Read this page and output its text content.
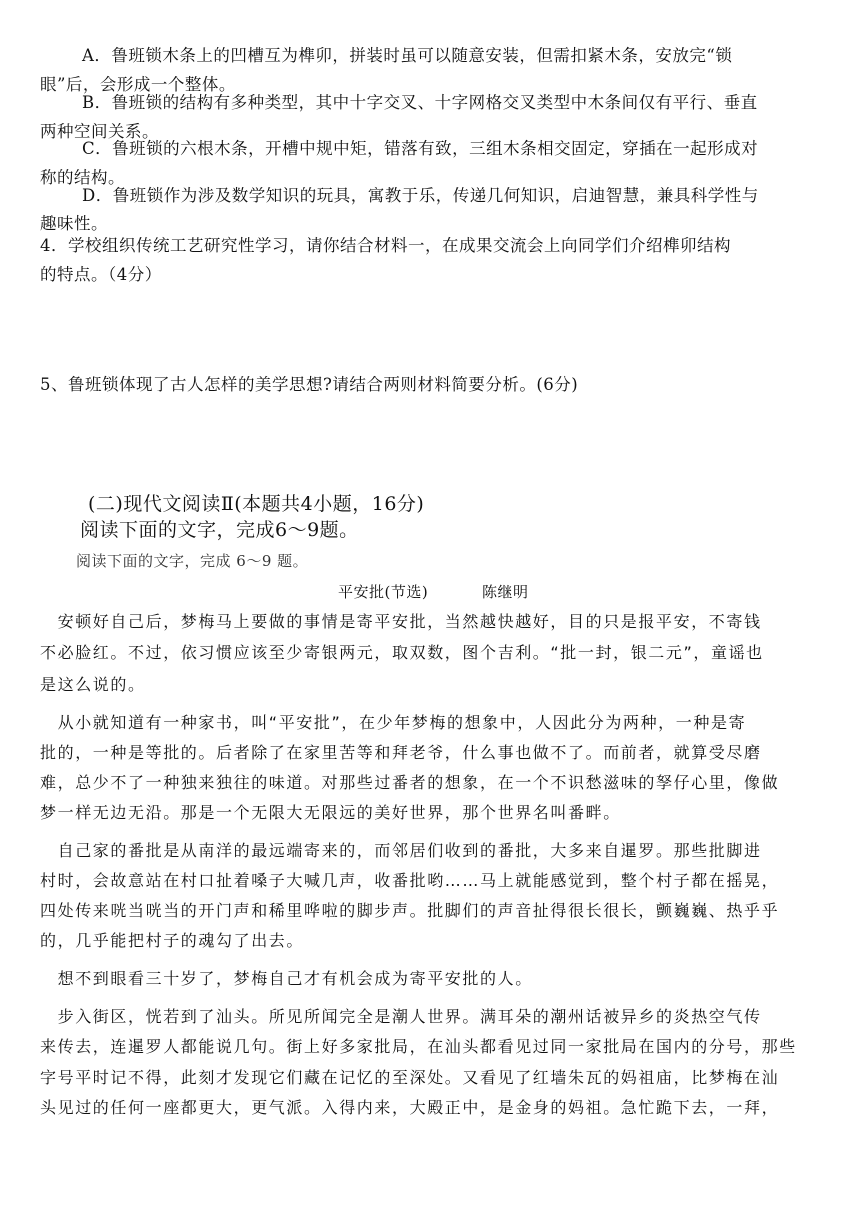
A．鲁班锁木条上的凹槽互为榫卯，拼装时虽可以随意安装，但需扣紧木条，安放完“锁
眼”后，会形成一个整体。
B．鲁班锁的结构有多种类型，其中十字交叉、十字网格交叉类型中木条间仅有平行、垂直
两种空间关系。
C．鲁班锁的六根木条，开槽中规中矩，错落有致，三组木条相交固定，穿插在一起形成对
称的结构。
D．鲁班锁作为涉及数学知识的玩具，寓教于乐，传递几何知识，启迪智慧，兼具科学性与
趣味性。
4．学校组织传统工艺研究性学习，请你结合材料一，在成果交流会上向同学们介绍榫卯结构
的特点。（4分）
5、鲁班锁体现了古人怎样的美学思想?请结合两则材料简要分析。(6分)
(二)现代文阅读Ⅱ(本题共4小题，16分)
阅读下面的文字，完成6～9题。
阅读下面的文字，完成 6～9 题。
平安批(节选)	陈继明
　安顿好自己后，梦梅马上要做的事情是寄平安批，当然越快越好，目的只是报平安，不寄钱
不必脸红。不过，依习惯应该至少寄银两元，取双数，图个吉利。“批一封，银二元”，童谣也
是这么说的。
　从小就知道有一种家书，叫“平安批”，在少年梦梅的想象中，人因此分为两种，一种是寄
批的，一种是等批的。后者除了在家里苦等和拜老爷，什么事也做不了。而前者，就算受尽磨
难，总少不了一种独来独往的味道。对那些过番者的想象，在一个不识愁滋味的孥仔心里，像做
梦一样无边无沿。那是一个无限大无限远的美好世界，那个世界名叫番畔。
　自己家的番批是从南洋的最远端寄来的，而邻居们收到的番批，大多来自暹罗。那些批脚进
村时，会故意站在村口扯着嗓子大喊几声，收番批哟……马上就能感觉到，整个村子都在摇晃，
四处传来咣当咣当的开门声和稀里哗啦的脚步声。批脚们的声音扯得很长很长，颤巍巍、热乎乎
的，几乎能把村子的魂勾了出去。
　想不到眼看三十岁了，梦梅自己才有机会成为寄平安批的人。
　步入街区，恍若到了汕头。所见所闻完全是潮人世界。满耳朵的潮州话被异乡的炎热空气传
来传去，连暹罗人都能说几句。街上好多家批局，在汕头都看见过同一家批局在国内的分号，那些
字号平时记不得，此刻才发现它们藏在记忆的至深处。又看见了红墙朱瓦的妈祖庙，比梦梅在汕
头见过的任何一座都更大，更气派。入得内来，大殿正中，是金身的妈祖。急忙跪下去，一拜，
